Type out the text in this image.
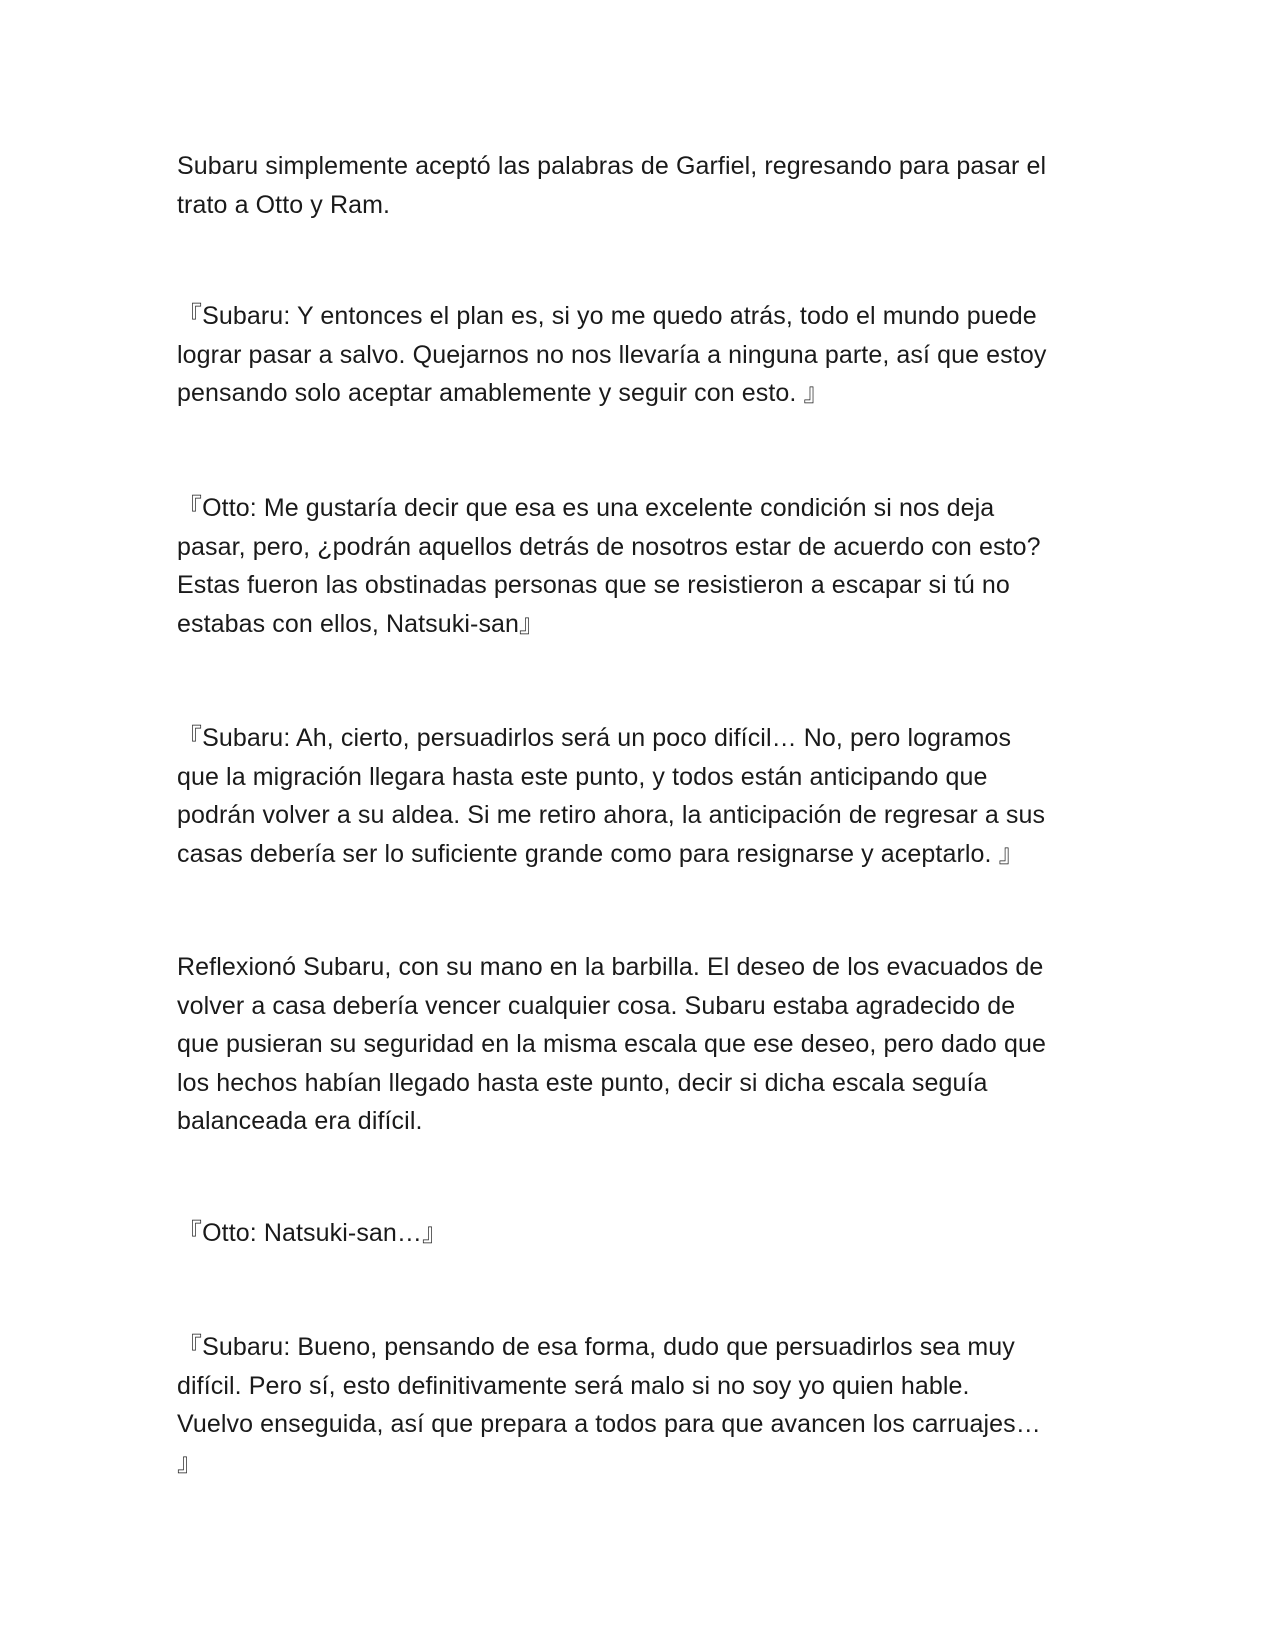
Subaru simplemente aceptó las palabras de Garfiel, regresando para pasar el
trato a Otto y Ram.

『Subaru: Y entonces el plan es, si yo me quedo atrás, todo el mundo puede
lograr pasar a salvo. Quejarnos no nos llevaría a ninguna parte, así que estoy
pensando solo aceptar amablemente y seguir con esto. 』

『Otto: Me gustaría decir que esa es una excelente condición si nos deja
pasar, pero, ¿podrán aquellos detrás de nosotros estar de acuerdo con esto?
Estas fueron las obstinadas personas que se resistieron a escapar si tú no
estabas con ellos, Natsuki-san』

『Subaru: Ah, cierto, persuadirlos será un poco difícil… No, pero logramos
que la migración llegara hasta este punto, y todos están anticipando que
podrán volver a su aldea. Si me retiro ahora, la anticipación de regresar a sus
casas debería ser lo suficiente grande como para resignarse y aceptarlo. 』

Reflexionó Subaru, con su mano en la barbilla. El deseo de los evacuados de
volver a casa debería vencer cualquier cosa. Subaru estaba agradecido de
que pusieran su seguridad en la misma escala que ese deseo, pero dado que
los hechos habían llegado hasta este punto, decir si dicha escala seguía
balanceada era difícil.

『Otto: Natsuki-san…』

『Subaru: Bueno, pensando de esa forma, dudo que persuadirlos sea muy
difícil. Pero sí, esto definitivamente será malo si no soy yo quien hable.
Vuelvo enseguida, así que prepara a todos para que avancen los carruajes…
』
